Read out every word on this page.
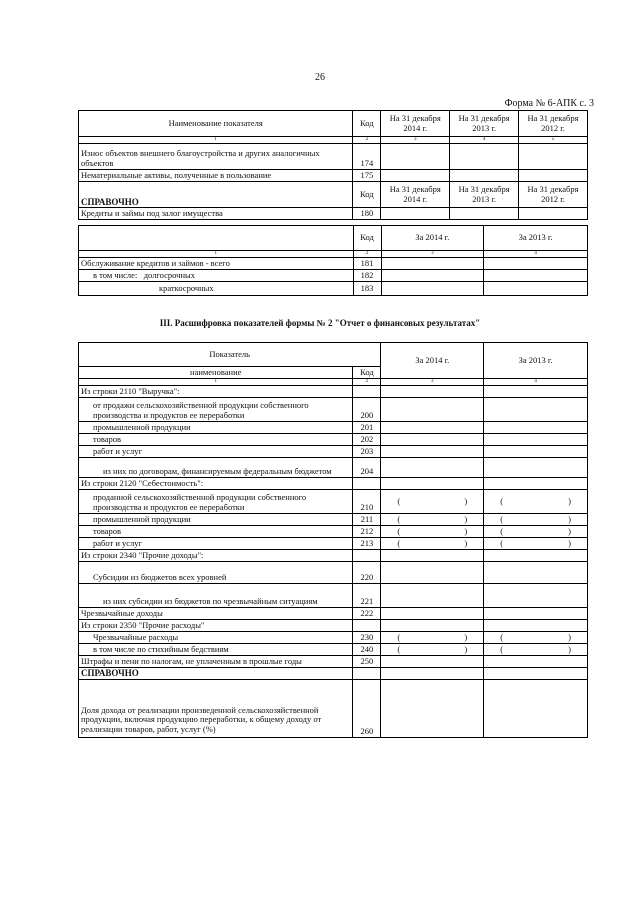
26
Форма № 6-АПК с. 3
Наименование показателя	Код	На 31 декабря 2014 г.	На 31 декабря 2013 г.	На 31 декабря 2012 г.
1	2	3	4	5
Износ объектов внешнего благоустройства и других аналогичных объектов	174			
Нематериальные активы, полученные в пользование	175			
СПРАВОЧНО	Код	На 31 декабря 2014 г.	На 31 декабря 2013 г.	На 31 декабря 2012 г.
Кредиты и займы под залог имущества	180			
	Код	За 2014 г.	За 2013 г.
1	2	3	4
Обслуживание кредитов и займов - всего	181		
в том числе: долгосрочных	182		
краткосрочных	183		
III. Расшифровка показателей формы № 2 "Отчет о финансовых результатах"
Показатель		За 2014 г.	За 2013 г.
наименование	Код		
1	2	3	4
Из строки 2110 "Выручка":			
от продажи сельскохозяйственной продукции собственного производства и продуктов ее переработки	200		
промышленной продукции	201		
товаров	202		
работ и услуг	203		
из них по договорам, финансируемым федеральным бюджетом	204		
Из строки 2120 "Себестоимость":			
проданной сельскохозяйственной продукции собственного производства и продуктов ее переработки	210	( )	( )

промышленной продукции	211	( )	( )

товаров	212	( )	( )

работ и услуг	213	( )	( )

Из строки 2340 "Прочие доходы":			
Субсидии из бюджетов всех уровней	220		
из них субсидии из бюджетов по чрезвычайным ситуациям	221		
Чрезвычайные доходы	222		
Из строки 2350 "Прочие расходы"			
Чрезвычайные расходы	230	( )	( )

в том числе по стихийным бедствиям	240	( )	( )

Штрафы и пени по налогам, не уплаченным в прошлые годы	250		
СПРАВОЧНО			
Доля дохода от реализации произведенной сельскохозяйственной продукции, включая продукцию переработки, к общему доходу от реализации товаров, работ, услуг (%)	260		
